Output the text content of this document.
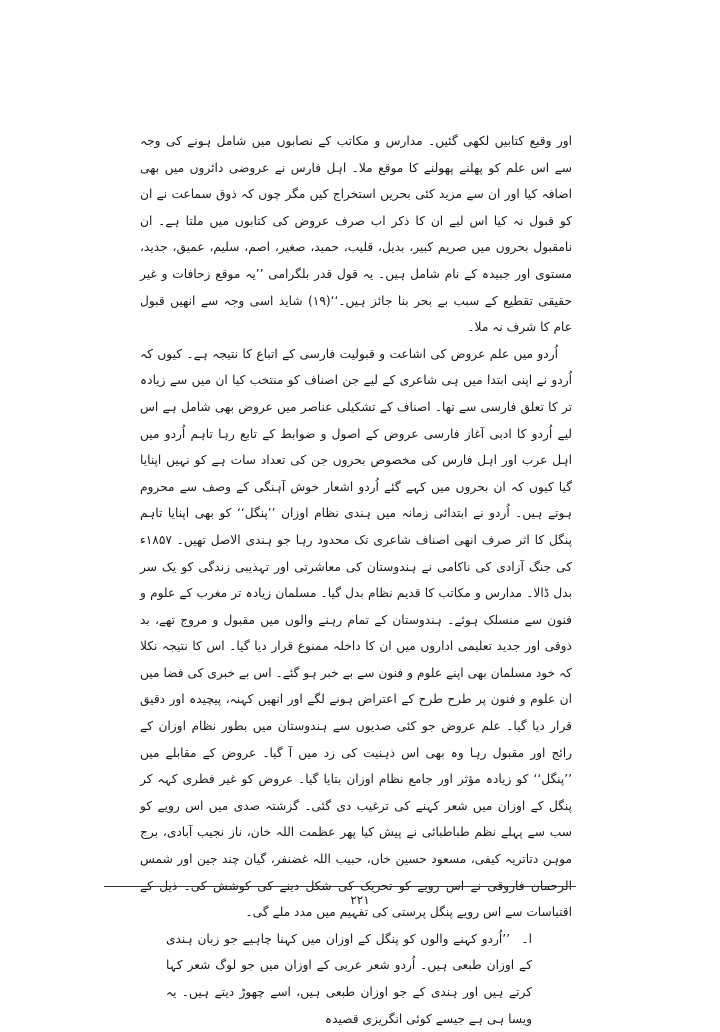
اور وقیع کتابیں لکھی گئیں۔ مدارس و مکاتب کے نصابوں میں شامل ہونے کی وجہ سے اس علم کو پھلنے پھولنے کا موقع ملا۔ اہل فارس نے عروضی دائروں میں بھی اضافہ کیا اور ان سے مزید کئی بحریں استخراج کیں مگر چوں کہ ذوق سماعت نے ان کو قبول نہ کیا اس لیے ان کا ذکر اب صرف عروض کی کتابوں میں ملتا ہے۔ ان نامقبول بحروں میں صریم کبیر، بدیل، قلیب، حمید، صغیر، اصم، سلیم، عمیق، جدید، مستوی اور جبیدہ کے نام شامل ہیں۔ یہ قول قدر بلگرامی ’’یہ موقع زحافات و غیر حقیقی تقطیع کے سبب بے بحر بنا جائز ہیں۔‘‘(۱۹) شاید اسی وجہ سے انھیں قبول عام کا شرف نہ ملا۔

اُردو میں علم عروض کی اشاعت و قبولیت فارسی کے اتباع کا نتیجہ ہے۔ کیوں کہ اُردو نے اپنی ابتدا میں ہی شاعری کے لیے جن اصناف کو منتخب کیا ان میں سے زیادہ تر کا تعلق فارسی سے تھا۔ اصناف کے تشکیلی عناصر میں عروض بھی شامل ہے اس لیے اُردو کا ادبی آغاز فارسی عروض کے اصول و ضوابط کے تابع رہا تاہم اُردو میں اہل عرب اور اہل فارس کی مخصوص بحروں جن کی تعداد سات ہے کو نہیں اپنایا گیا کیوں کہ ان بحروں میں کہے گئے اُردو اشعار خوش آہنگی کے وصف سے محروم ہوتے ہیں۔ اُردو نے ابتدائی زمانہ میں ہندی نظام اوزان ’’پنگل‘‘ کو بھی اپنایا تاہم پنگل کا اثر صرف انھی اصناف شاعری تک محدود رہا جو ہندی الاصل تھیں۔ ۱۸۵۷ء کی جنگ آزادی کی ناکامی نے ہندوستان کی معاشرتی اور تہذیبی زندگی کو یک سر بدل ڈالا۔ مدارس و مکاتب کا قدیم نظام بدل گیا۔ مسلمان زیادہ تر مغرب کے علوم و فنون سے منسلک ہوئے۔ ہندوستان کے تمام رہنے والوں میں مقبول و مروج تھے، بد ذوقی اور جدید تعلیمی اداروں میں ان کا داخلہ ممنوع قرار دیا گیا۔ اس کا نتیجہ نکلا کہ خود مسلمان بھی اپنے علوم و فنون سے بے خبر ہو گئے۔ اس بے خبری کی فضا میں ان علوم و فنون پر طرح طرح کے اعتراض ہونے لگے اور انھیں کہنہ، پیچیدہ اور دقیق قرار دیا گیا۔ علم عروض جو کئی صدیوں سے ہندوستان میں بطور نظام اوزان کے رائج اور مقبول رہا وہ بھی اس ذہنیت کی زد میں آ گیا۔ عروض کے مقابلے میں ’’پنگل‘‘ کو زیادہ مؤثر اور جامع نظام اوزان بتایا گیا۔ عروض کو غیر فطری کہہ کر پنگل کے اوزان میں شعر کہنے کی ترغیب دی گئی۔ گزشتہ صدی میں اس رویے کو سب سے پہلے نظم طباطبائی نے پیش کیا پھر عظمت اللہ خان، ناز نجیب آبادی، برج موہن دتاتریہ کیفی، مسعود حسین خاں، حبیب اللہ غضنفر، گیان چند جین اور شمس الرحمان فاروقی نے اس رویے کو تحریک کی شکل دینے کی کوشش کی۔ ذیل کے اقتباسات سے اس رویے پنگل پرستی کی تفہیم میں مدد ملے گی۔

ا۔’’اُردو کہنے والوں کو پنگل کے اوزان میں کہنا چاہیے جو زبان ہندی کے اوزان طبعی ہیں۔ اُردو شعر عربی کے اوزان میں جو لوگ شعر کہا کرتے ہیں اور ہندی کے جو اوزان طبعی ہیں، اسے چھوڑ دیتے ہیں۔ یہ ویسا ہی ہے جیسے کوئی انگریزی قصیدہ

۲۲۱
